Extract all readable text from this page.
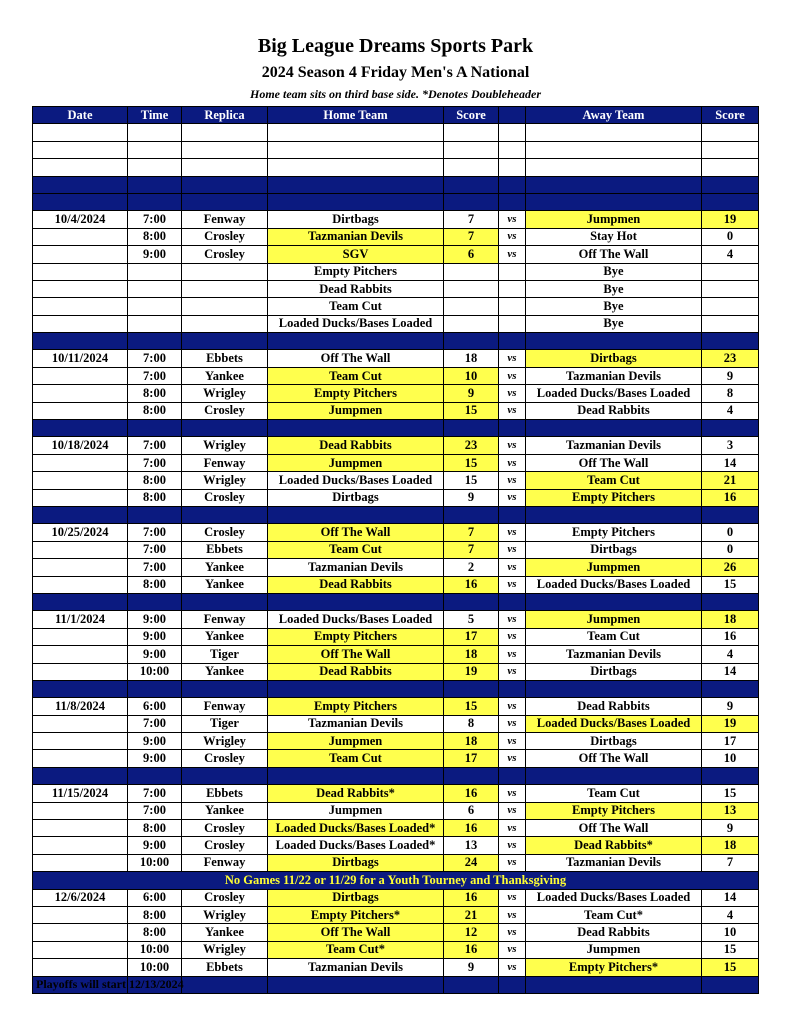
Big League Dreams Sports Park
2024 Season 4 Friday Men's A National
Home team sits on third base side. *Denotes Doubleheader
Date	Time	Replica	Home Team	Score		Away Team	Score

10/4/2024	7:00	Fenway	Dirtbags	7	vs	Jumpmen	19
	8:00	Crosley	Tazmanian Devils	7	vs	Stay Hot	0
	9:00	Crosley	SGV	6	vs	Off The Wall	4
			Empty Pitchers			Bye	
			Dead Rabbits			Bye	
			Team Cut			Bye	
			Loaded Ducks/Bases Loaded			Bye	

10/11/2024	7:00	Ebbets	Off The Wall	18	vs	Dirtbags	23
	7:00	Yankee	Team Cut	10	vs	Tazmanian Devils	9
	8:00	Wrigley	Empty Pitchers	9	vs	Loaded Ducks/Bases Loaded	8
	8:00	Crosley	Jumpmen	15	vs	Dead Rabbits	4

10/18/2024	7:00	Wrigley	Dead Rabbits	23	vs	Tazmanian Devils	3
	7:00	Fenway	Jumpmen	15	vs	Off The Wall	14
	8:00	Wrigley	Loaded Ducks/Bases Loaded	15	vs	Team Cut	21
	8:00	Crosley	Dirtbags	9	vs	Empty Pitchers	16

10/25/2024	7:00	Crosley	Off The Wall	7	vs	Empty Pitchers	0
	7:00	Ebbets	Team Cut	7	vs	Dirtbags	0
	7:00	Yankee	Tazmanian Devils	2	vs	Jumpmen	26
	8:00	Yankee	Dead Rabbits	16	vs	Loaded Ducks/Bases Loaded	15

11/1/2024	9:00	Fenway	Loaded Ducks/Bases Loaded	5	vs	Jumpmen	18
	9:00	Yankee	Empty Pitchers	17	vs	Team Cut	16
	9:00	Tiger	Off The Wall	18	vs	Tazmanian Devils	4
	10:00	Yankee	Dead Rabbits	19	vs	Dirtbags	14

11/8/2024	6:00	Fenway	Empty Pitchers	15	vs	Dead Rabbits	9
	7:00	Tiger	Tazmanian Devils	8	vs	Loaded Ducks/Bases Loaded	19
	9:00	Wrigley	Jumpmen	18	vs	Dirtbags	17
	9:00	Crosley	Team Cut	17	vs	Off The Wall	10

11/15/2024	7:00	Ebbets	Dead Rabbits*	16	vs	Team Cut	15
	7:00	Yankee	Jumpmen	6	vs	Empty Pitchers	13
	8:00	Crosley	Loaded Ducks/Bases Loaded*	16	vs	Off The Wall	9
	9:00	Crosley	Loaded Ducks/Bases Loaded*	13	vs	Dead Rabbits*	18
	10:00	Fenway	Dirtbags	24	vs	Tazmanian Devils	7
No Games 11/22 or 11/29 for a Youth Tourney and Thanksgiving							
12/6/2024	6:00	Crosley	Dirtbags	16	vs	Loaded Ducks/Bases Loaded	14
	8:00	Wrigley	Empty Pitchers*	21	vs	Team Cut*	4
	8:00	Yankee	Off The Wall	12	vs	Dead Rabbits	10
	10:00	Wrigley	Team Cut*	16	vs	Jumpmen	15
	10:00	Ebbets	Tazmanian Devils	9	vs	Empty Pitchers*	15

Playoffs will start 12/13/2024
